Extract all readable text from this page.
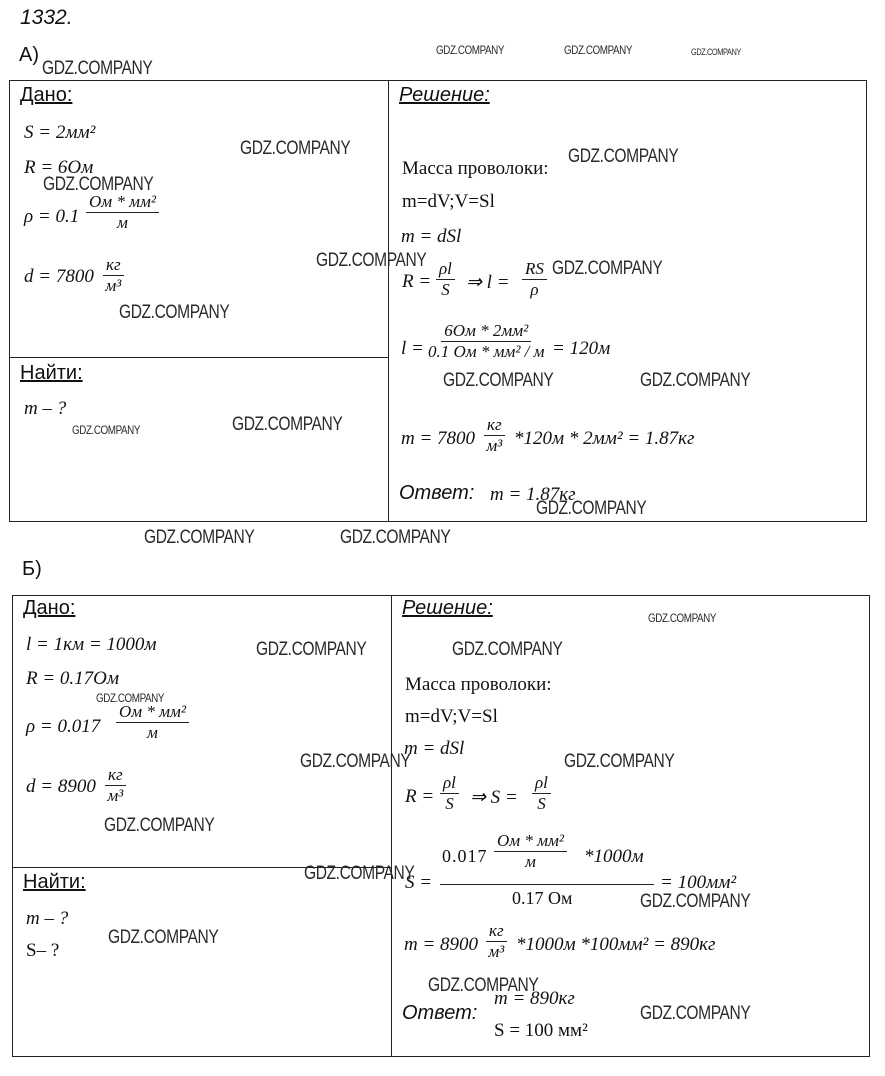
1332.
А)
Дано:	Решение:
S = 2мм²
R = 6Ом
ρ = 0.1
Ом * мм²
м
d = 7800
кг
м³
Найти:
m – ?
Масса проволоки:
m=dV;V=Sl
m = dSl
$R = \frac{\rho l}{S}$ ⇒ $l = \frac{RS}{\rho}$
l =
6Ом * 2мм²
0.1 Ом * мм² / м = 120м
m = 7800
кг
м³ *120м * 2мм² = 1.87кг
Ответ: m = 1.87кг
Б)
Дано:	Решение:
l = 1км = 1000м
R = 0.17Ом
ρ = 0.017
Ом * мм²
м
d = 8900
кг
м³
Найти:
m – ?
S– ?
Масса проволоки:
m=dV;V=Sl
m = dSl
$R = \frac{\rho l}{S}$ ⇒ $S = \frac{\rho l}{S}$
S =
0.017
Ом * мм²
м	*1000м
0.17 Ом
= 100мм²
m = 8900
кг
м³ *1000м *100мм² = 890кг
Ответ:
m = 890кг
S = 100 мм²
GDZ.COMPANY
GDZ.COMPANY	GDZ.COMPANY	GDZ.COMPANY
GDZ.COMPANY	GDZ.COMPANY
GDZ.COMPANY
GDZ.COMPANY	GDZ.COMPANY
GDZ.COMPANY
GDZ.COMPANY	GDZ.COMPANY
GDZ.COMPANY	GDZ.COMPANY
GDZ.COMPANY
GDZ.COMPANY	GDZ.COMPANY
GDZ.COMPANY
GDZ.COMPANY	GDZ.COMPANY
GDZ.COMPANY
GDZ.COMPANY	GDZ.COMPANY
GDZ.COMPANY
GDZ.COMPANY
GDZ.COMPANY
GDZ.COMPANY
GDZ.COMPANY
GDZ.COMPANY
